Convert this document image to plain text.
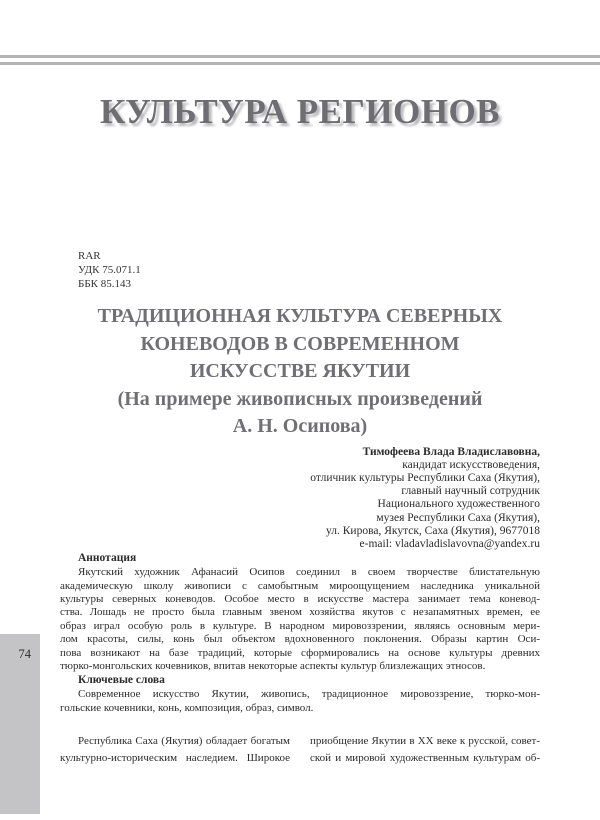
КУЛЬТУРА РЕГИОНОВ
74
RAR
УДК 75.071.1
ББК 85.143
ТРАДИЦИОННАЯ КУЛЬТУРА СЕВЕРНЫХ
КОНЕВОДОВ В СОВРЕМЕННОМ
ИСКУССТВЕ ЯКУТИИ
(На примере живописных произведений
А. Н. Осипова)
Тимофеева Влада Владиславовна,
кандидат искусствоведения,
отличник культуры Республики Саха (Якутия),
главный научный сотрудник
Национального художественного
музея Республики Саха (Якутия),
ул. Кирова, Якутск, Саха (Якутия), 9677018
e-mail: vladavladislavovna@yandex.ru
Аннотация
Якутский художник Афанасий Осипов соединил в своем творчестве блистательную
академическую школу живописи с самобытным мироощущением наследника уникальной
культуры северных коневодов. Особое место в искусстве мастера занимает тема коневод-
ства. Лошадь не просто была главным звеном хозяйства якутов с незапамятных времен, ее
образ играл особую роль в культуре. В народном мировоззрении, являясь основным мери-
лом красоты, силы, конь был объектом вдохновенного поклонения. Образы картин Оси-
пова возникают на базе традиций, которые сформировались на основе культуры древних
тюрко-монгольских кочевников, впитав некоторые аспекты культур близлежащих этносов.
Ключевые слова
Современное искусство Якутии, живопись, традиционное мировоззрение, тюрко-мон-
гольские кочевники, конь, композиция, образ, символ.
Республика Саха (Якутия) обладает богатым
культурно-историческим наследием. Широкое
приобщение Якутии в XX веке к русской, совет-
ской и мировой художественным культурам об-
